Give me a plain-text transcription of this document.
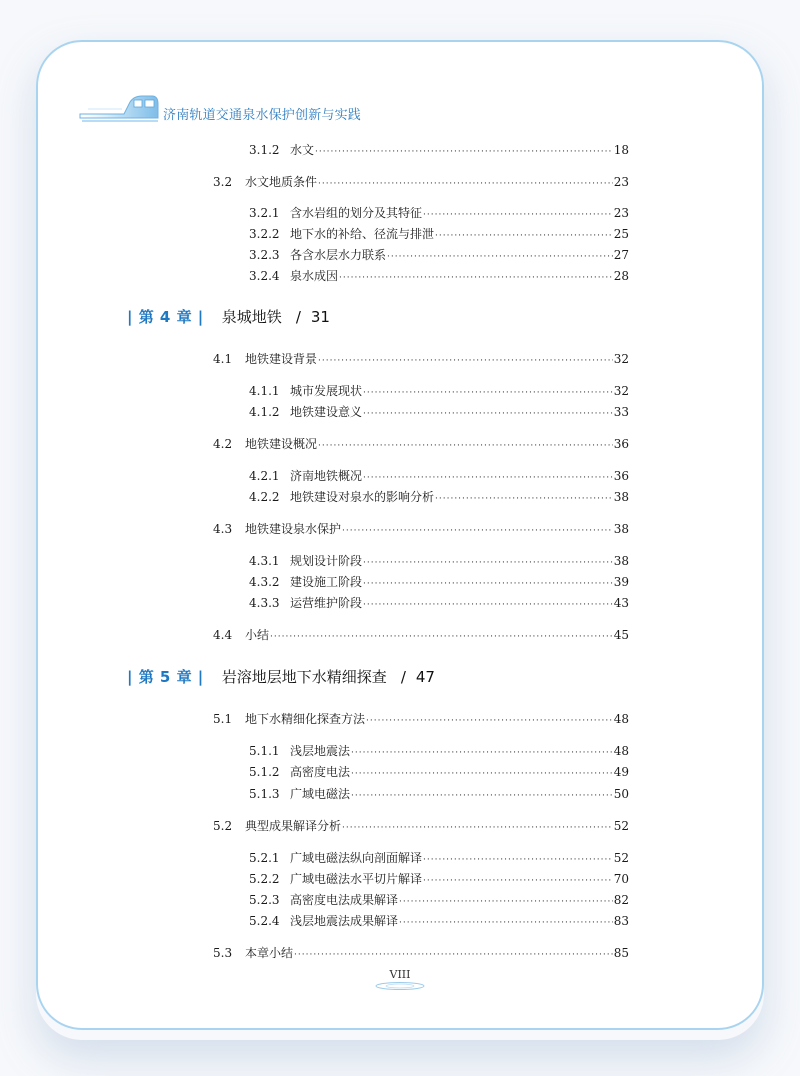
济南轨道交通泉水保护创新与实践
3.1.2 水文 ·····	18
3.2	水文地质条件 ·····	23
3.2.1 含水岩组的划分及其特征 ·····	23
3.2.2 地下水的补给、径流与排泄 ·····	25
3.2.3 各含水层水力联系 ·····	27
3.2.4 泉水成因 ·····	28
| 第 4 章 | 泉城地铁 / 31
4.1	地铁建设背景 ·····	32
4.1.1 城市发展现状 ·····	32
4.1.2 地铁建设意义 ·····	33
4.2	地铁建设概况 ·····	36
4.2.1 济南地铁概况 ·····	36
4.2.2 地铁建设对泉水的影响分析 ·····	38
4.3	地铁建设泉水保护 ·····	38
4.3.1 规划设计阶段 ·····	38
4.3.2 建设施工阶段 ·····	39
4.3.3 运营维护阶段 ·····	43
4.4	小结 ·····	45
| 第 5 章 | 岩溶地层地下水精细探查 / 47
5.1	地下水精细化探查方法 ·····	48
5.1.1 浅层地震法 ·····	48
5.1.2 高密度电法 ·····	49
5.1.3 广域电磁法 ·····	50
5.2	典型成果解译分析 ·····	52
5.2.1 广域电磁法纵向剖面解译 ·····	52
5.2.2 广域电磁法水平切片解译 ·····	70
5.2.3 高密度电法成果解译 ·····	82
5.2.4 浅层地震法成果解译 ·····	83
5.3	本章小结 ·····	85
VIII
